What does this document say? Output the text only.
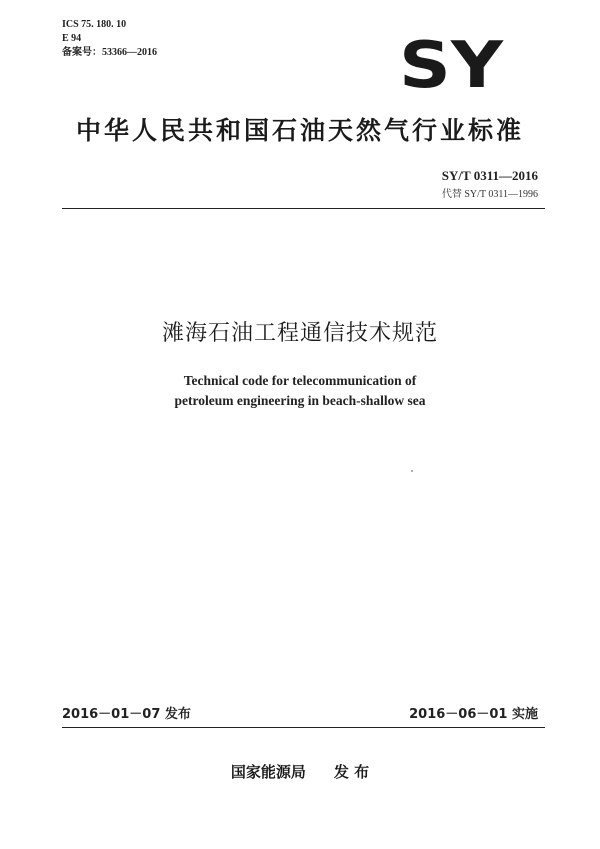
ICS 75. 180. 10
E 94
备案号：53366—2016	SY
中华人民共和国石油天然气行业标准
SY/T 0311—2016
代替 SY/T 0311—1996
滩海石油工程通信技术规范
Technical code for telecommunication of
petroleum engineering in beach-shallow sea
2016－01－07 发布	2016－06－01 实施
国家能源局 发 布
